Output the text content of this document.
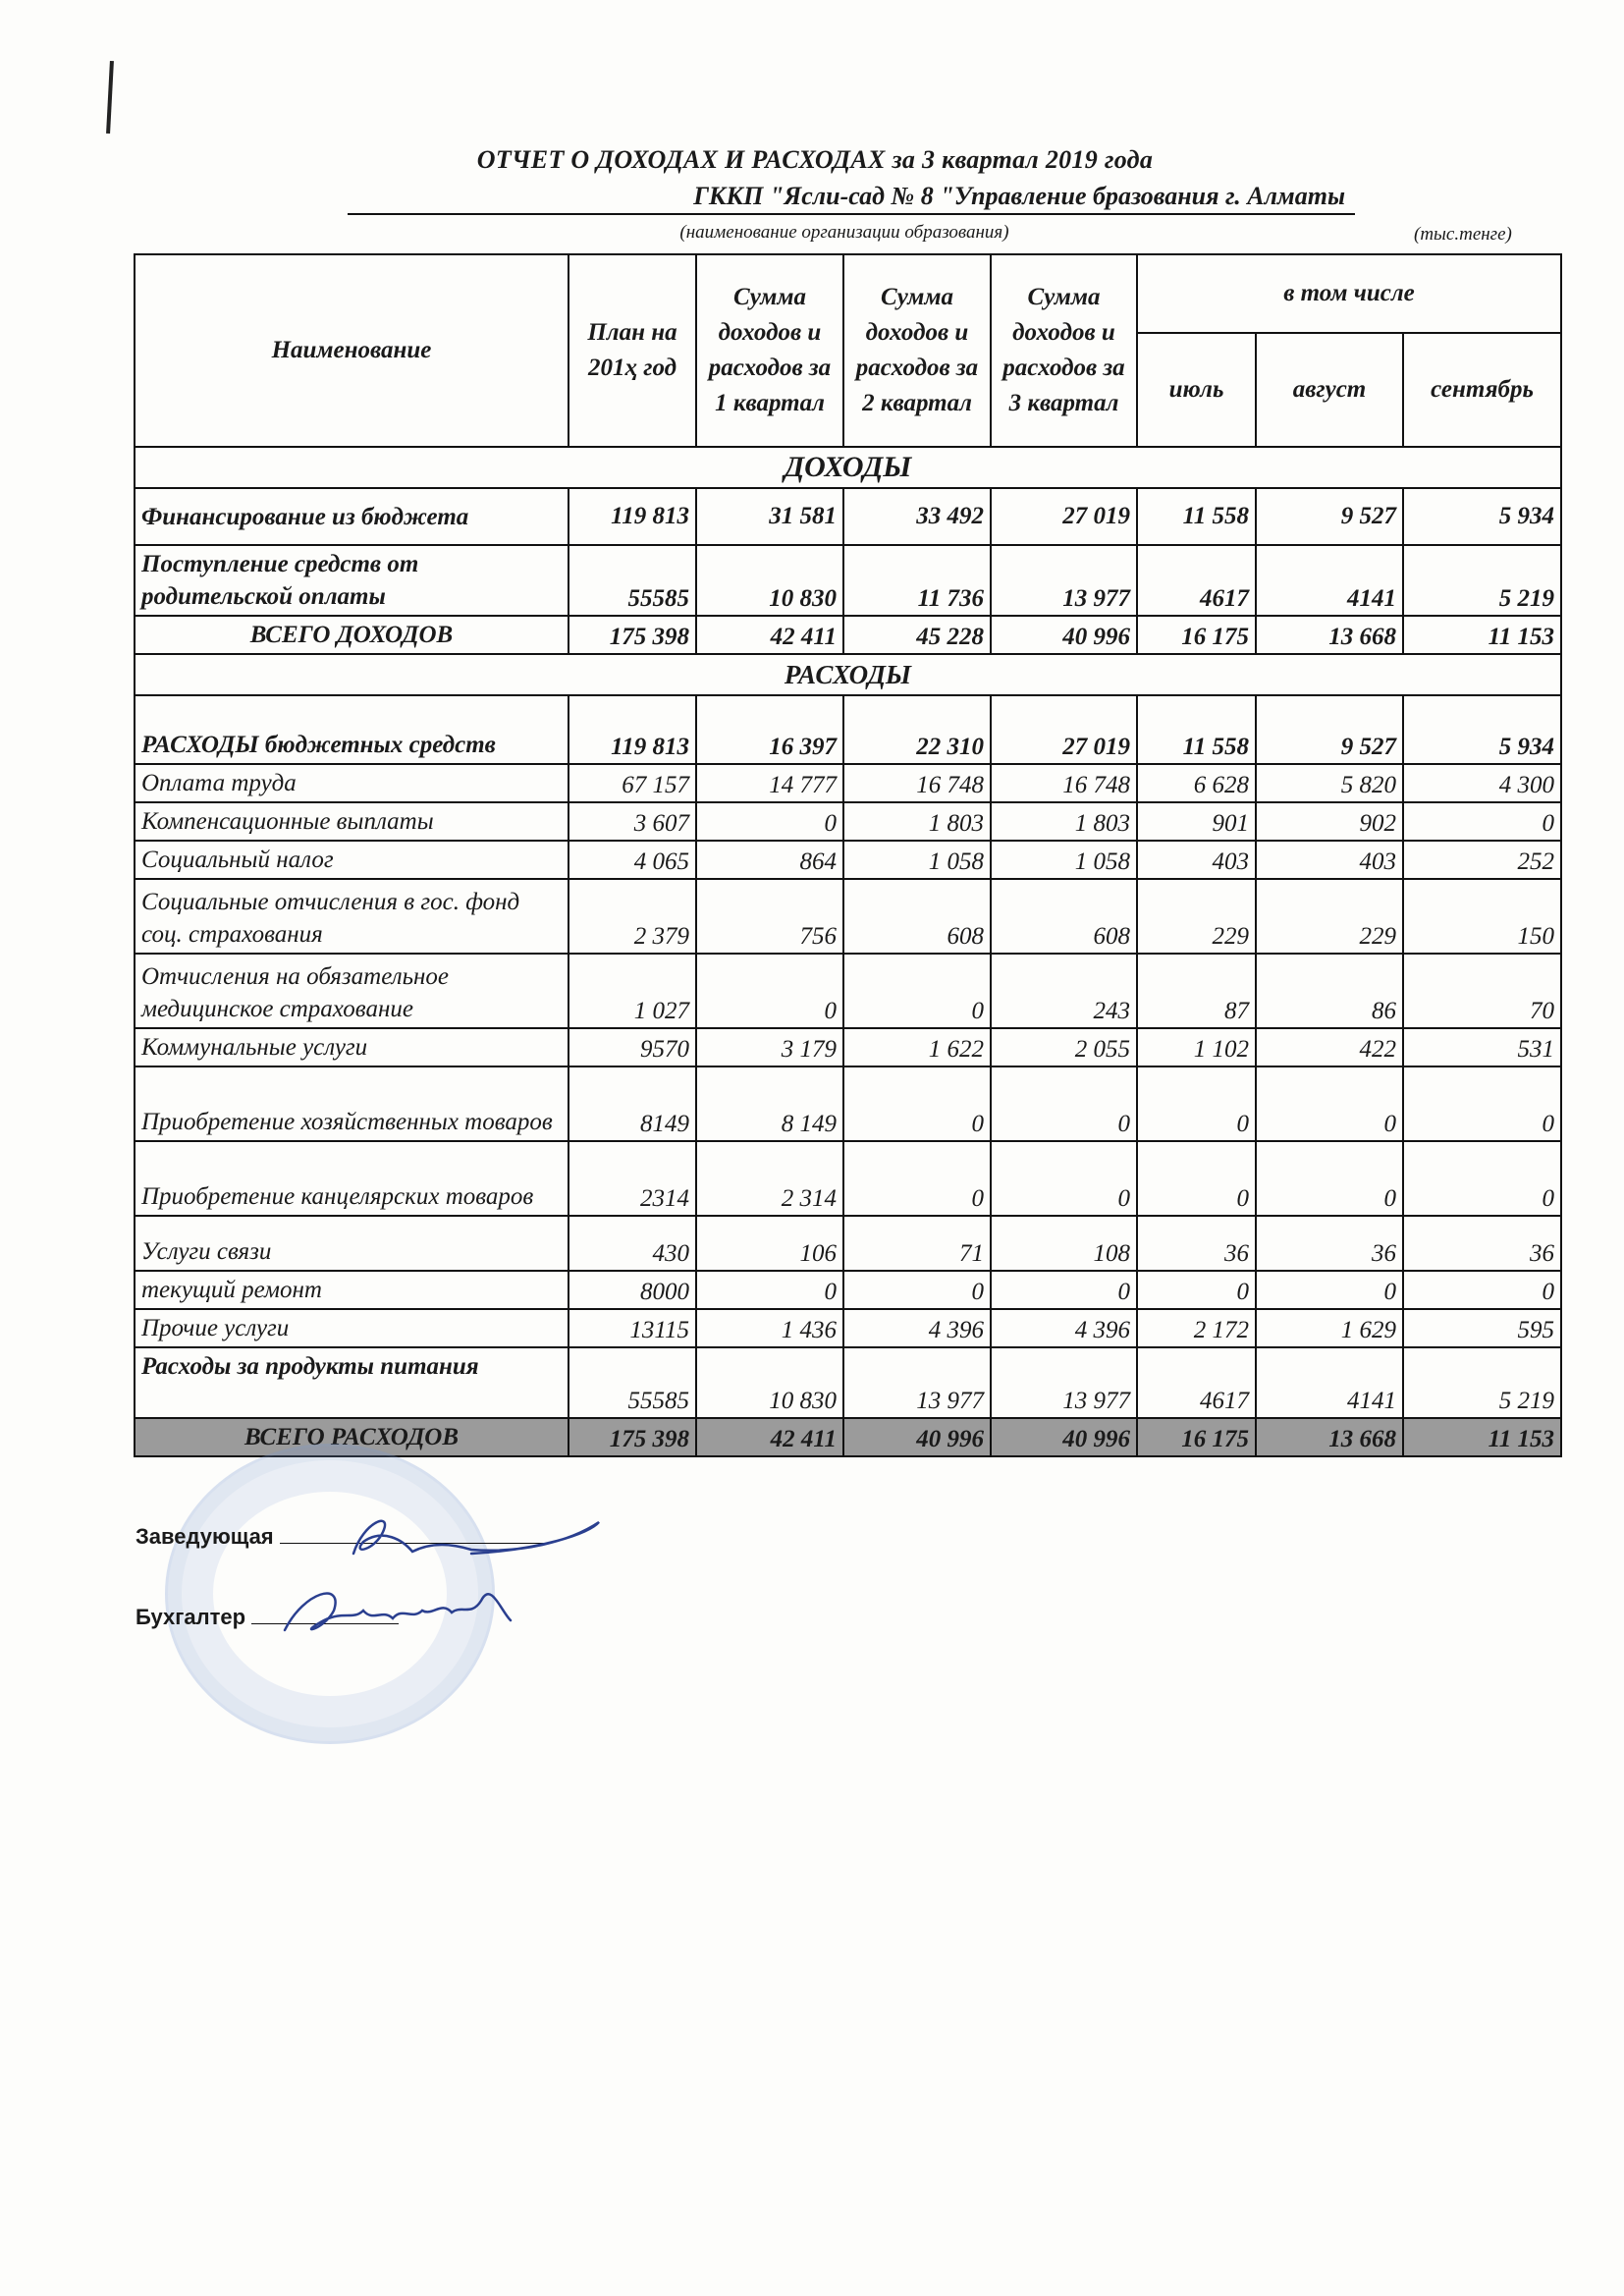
ОТЧЕТ О ДОХОДАХ И РАСХОДАХ за 3 квартал 2019 года
ГККП "Ясли-сад № 8 "Управление бразования г. Алматы
(наименование организации образования)	(тыс.тенге)
Наименование	План на 201ҳ год	Сумма доходов и расходов за 1 квартал	Сумма доходов и расходов за 2 квартал	Сумма доходов и расходов за 3 квартал	в том числе		
					июль	август	сентябрь
ДОХОДЫ							
Финансирование из бюджета	119 813	31 581	33 492	27 019	11 558	9 527	5 934
Поступление средств от родительской оплаты	55585	10 830	11 736	13 977	4617	4141	5 219
ВСЕГО ДОХОДОВ	175 398	42 411	45 228	40 996	16 175	13 668	11 153
РАСХОДЫ							
РАСХОДЫ бюджетных средств	119 813	16 397	22 310	27 019	11 558	9 527	5 934
Оплата труда	67 157	14 777	16 748	16 748	6 628	5 820	4 300
Компенсационные выплаты	3 607	0	1 803	1 803	901	902	0
Социальный налог	4 065	864	1 058	1 058	403	403	252
Социальные отчисления в гос. фонд соц. страхования	2 379	756	608	608	229	229	150
Отчисления на обязательное медицинское страхование	1 027	0	0	243	87	86	70
Коммунальные услуги	9570	3 179	1 622	2 055	1 102	422	531
Приобретение хозяйственных товаров	8149	8 149	0	0	0	0	0
Приобретение канцелярских товаров	2314	2 314	0	0	0	0	0
Услуги связи	430	106	71	108	36	36	36
текущий ремонт	8000	0	0	0	0	0	0
Прочие услуги	13115	1 436	4 396	4 396	2 172	1 629	595
Расходы за продукты питания	55585	10 830	13 977	13 977	4617	4141	5 219
ВСЕГО РАСХОДОВ	175 398	42 411	40 996	40 996	16 175	13 668	11 153
Заведующая
Бухгалтер
